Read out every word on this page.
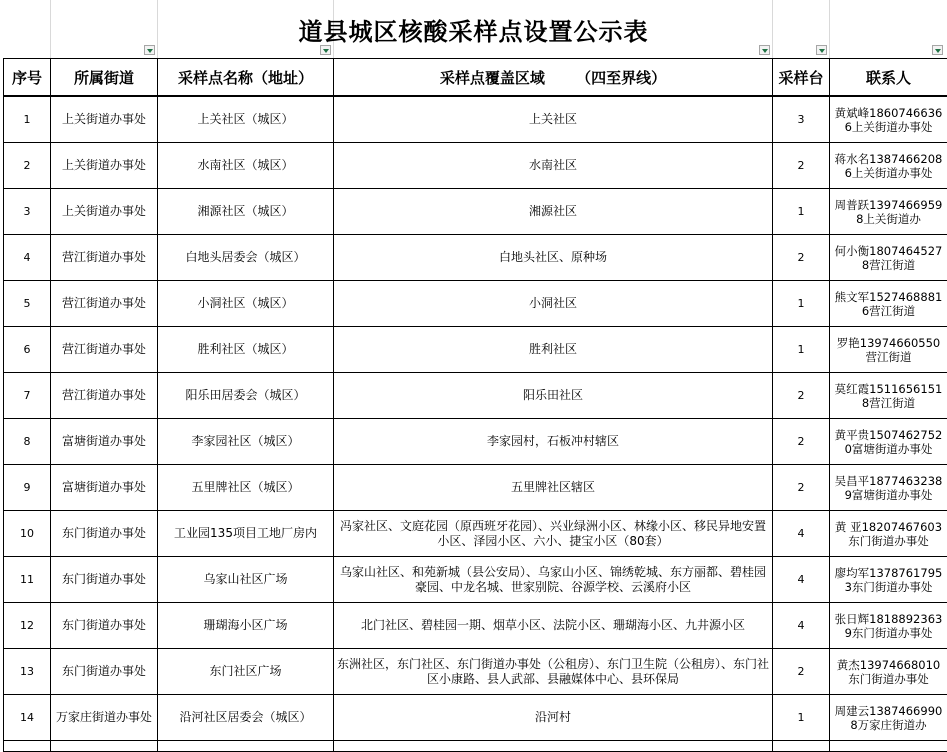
道县城区核酸采样点设置公示表
序号	所属街道	采样点名称（地址）	采样点覆盖区域      （四至界线）	采样台	联系人
1	上关街道办事处	上关社区（城区）	上关社区	3	黄斌峰18607466366上关街道办事处
2	上关街道办事处	水南社区（城区）	水南社区	2	蒋水名13874662086上关街道办事处
3	上关街道办事处	湘源社区（城区）	湘源社区	1	周普跃13974669598上关街道办
4	营江街道办事处	白地头居委会（城区）	白地头社区、原种场	2	何小衡18074645278营江街道
5	营江街道办事处	小洞社区（城区）	小洞社区	1	熊文军15274688816营江街道
6	营江街道办事处	胜利社区（城区）	胜利社区	1	罗艳13974660550营江街道
7	营江街道办事处	阳乐田居委会（城区）	阳乐田社区	2	莫红霞15116561518营江街道
8	富塘街道办事处	李家园社区（城区）	李家园村，石板冲村辖区	2	黄平贵15074627520富塘街道办事处
9	富塘街道办事处	五里牌社区（城区）	五里牌社区辖区	2	吴昌平18774632389富塘街道办事处
10	东门街道办事处	工业园135项目工地厂房内	冯家社区、文庭花园（原西班牙花园）、兴业绿洲小区、林缘小区、移民异地安置小区、泽园小区、六小、捷宝小区（80套）	4	黄 亚18207467603东门街道办事处
11	东门街道办事处	乌家山社区广场	乌家山社区、和苑新城（县公安局）、乌家山小区、锦绣乾城、东方丽都、碧桂园豪园、中龙名城、世家别院、谷源学校、云溪府小区	4	廖均军13787617953东门街道办事处
12	东门街道办事处	珊瑚海小区广场	北门社区、碧桂园一期、烟草小区、法院小区、珊瑚海小区、九井源小区	4	张日辉18188923639东门街道办事处
13	东门街道办事处	东门社区广场	东洲社区，东门社区、东门街道办事处（公租房）、东门卫生院（公租房）、东门社区小康路、县人武部、县融媒体中心、县环保局	2	黄杰13974668010东门街道办事处
14	万家庄街道办事处	沿河社区居委会（城区）	沿河村	1	周建云13874669908万家庄街道办
